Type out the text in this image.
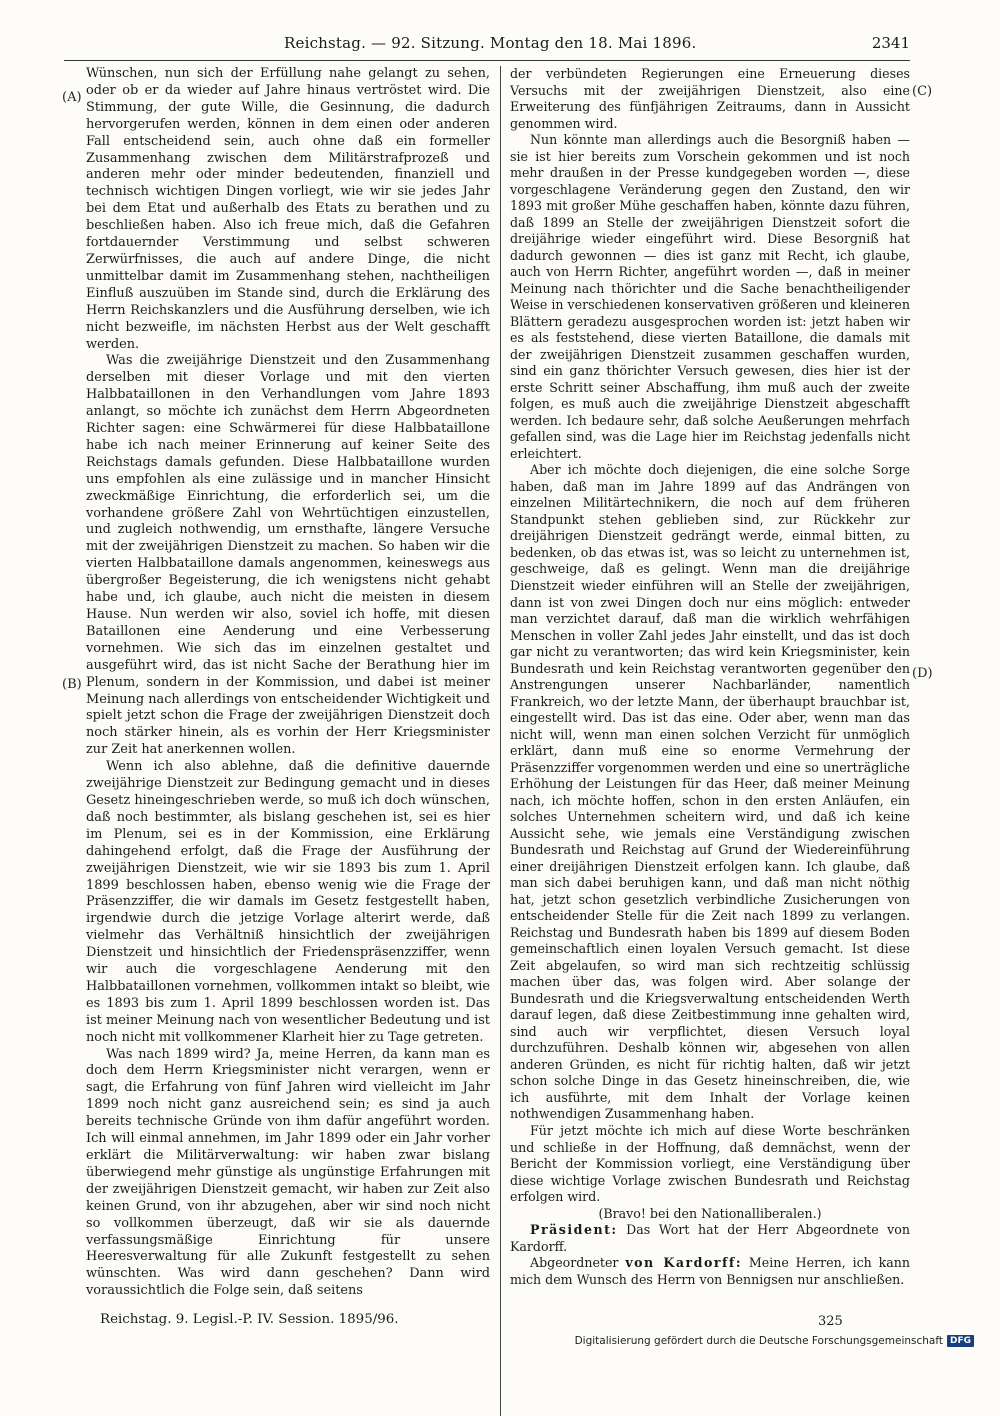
Reichstag. — 92. Sitzung. Montag den 18. Mai 1896.	2341
(A)
(B)
(C)
(D)

Wünschen, nun sich der Erfüllung nahe gelangt zu sehen, oder ob er da wieder auf Jahre hinaus vertröstet wird. Die Stimmung, der gute Wille, die Gesinnung, die dadurch hervorgerufen werden, können in dem einen oder anderen Fall entscheidend sein, auch ohne daß ein formeller Zusammenhang zwischen dem Militärstrafprozeß und anderen mehr oder minder bedeutenden, finanziell und technisch wichtigen Dingen vorliegt, wie wir sie jedes Jahr bei dem Etat und außerhalb des Etats zu berathen und zu beschließen haben. Also ich freue mich, daß die Gefahren fortdauernder Verstimmung und selbst schweren Zerwürfnisses, die auch auf andere Dinge, die nicht unmittelbar damit im Zusammenhang stehen, nachtheiligen Einfluß auszuüben im Stande sind, durch die Erklärung des Herrn Reichskanzlers und die Ausführung derselben, wie ich nicht bezweifle, im nächsten Herbst aus der Welt geschafft werden.

Was die zweijährige Dienstzeit und den Zusammenhang derselben mit dieser Vorlage und mit den vierten Halbbataillonen in den Verhandlungen vom Jahre 1893 anlangt, so möchte ich zunächst dem Herrn Abgeordneten Richter sagen: eine Schwärmerei für diese Halbbataillone habe ich nach meiner Erinnerung auf keiner Seite des Reichstags damals gefunden. Diese Halbbataillone wurden uns empfohlen als eine zulässige und in mancher Hinsicht zweckmäßige Einrichtung, die erforderlich sei, um die vorhandene größere Zahl von Wehrtüchtigen einzustellen, und zugleich nothwendig, um ernsthafte, längere Versuche mit der zweijährigen Dienstzeit zu machen. So haben wir die vierten Halbbataillone damals angenommen, keineswegs aus übergroßer Begeisterung, die ich wenigstens nicht gehabt habe und, ich glaube, auch nicht die meisten in diesem Hause. Nun werden wir also, soviel ich hoffe, mit diesen Bataillonen eine Aenderung und eine Verbesserung vornehmen. Wie sich das im einzelnen gestaltet und ausgeführt wird, das ist nicht Sache der Berathung hier im Plenum, sondern in der Kommission, und dabei ist meiner Meinung nach allerdings von entscheidender Wichtigkeit und spielt jetzt schon die Frage der zweijährigen Dienstzeit doch noch stärker hinein, als es vorhin der Herr Kriegsminister zur Zeit hat anerkennen wollen.

Wenn ich also ablehne, daß die definitive dauernde zweijährige Dienstzeit zur Bedingung gemacht und in dieses Gesetz hineingeschrieben werde, so muß ich doch wünschen, daß noch bestimmter, als bislang geschehen ist, sei es hier im Plenum, sei es in der Kommission, eine Erklärung dahingehend erfolgt, daß die Frage der Ausführung der zweijährigen Dienstzeit, wie wir sie 1893 bis zum 1. April 1899 beschlossen haben, ebenso wenig wie die Frage der Präsenzziffer, die wir damals im Gesetz festgestellt haben, irgendwie durch die jetzige Vorlage alterirt werde, daß vielmehr das Verhältniß hinsichtlich der zweijährigen Dienstzeit und hinsichtlich der Friedenspräsenzziffer, wenn wir auch die vorgeschlagene Aenderung mit den Halbbataillonen vornehmen, vollkommen intakt so bleibt, wie es 1893 bis zum 1. April 1899 beschlossen worden ist. Das ist meiner Meinung nach von wesentlicher Bedeutung und ist noch nicht mit vollkommener Klarheit hier zu Tage getreten.

Was nach 1899 wird? Ja, meine Herren, da kann man es doch dem Herrn Kriegsminister nicht verargen, wenn er sagt, die Erfahrung von fünf Jahren wird vielleicht im Jahr 1899 noch nicht ganz ausreichend sein; es sind ja auch bereits technische Gründe von ihm dafür angeführt worden. Ich will einmal annehmen, im Jahr 1899 oder ein Jahr vorher erklärt die Militärverwaltung: wir haben zwar bislang überwiegend mehr günstige als ungünstige Erfahrungen mit der zweijährigen Dienstzeit gemacht, wir haben zur Zeit also keinen Grund, von ihr abzugehen, aber wir sind noch nicht so vollkommen überzeugt, daß wir sie als dauernde verfassungsmäßige Einrichtung für unsere Heeresverwaltung für alle Zukunft festgestellt zu sehen wünschten. Was wird dann geschehen? Dann wird voraussichtlich die Folge sein, daß seitens

der verbündeten Regierungen eine Erneuerung dieses Versuchs mit der zweijährigen Dienstzeit, also eine Erweiterung des fünfjährigen Zeitraums, dann in Aussicht genommen wird.

Nun könnte man allerdings auch die Besorgniß haben — sie ist hier bereits zum Vorschein gekommen und ist noch mehr draußen in der Presse kundgegeben worden —, diese vorgeschlagene Veränderung gegen den Zustand, den wir 1893 mit großer Mühe geschaffen haben, könnte dazu führen, daß 1899 an Stelle der zweijährigen Dienstzeit sofort die dreijährige wieder eingeführt wird. Diese Besorgniß hat dadurch gewonnen — dies ist ganz mit Recht, ich glaube, auch von Herrn Richter, angeführt worden —, daß in meiner Meinung nach thörichter und die Sache benachtheiligender Weise in verschiedenen konservativen größeren und kleineren Blättern geradezu ausgesprochen worden ist: jetzt haben wir es als feststehend, diese vierten Bataillone, die damals mit der zweijährigen Dienstzeit zusammen geschaffen wurden, sind ein ganz thörichter Versuch gewesen, dies hier ist der erste Schritt seiner Abschaffung, ihm muß auch der zweite folgen, es muß auch die zweijährige Dienstzeit abgeschafft werden. Ich bedaure sehr, daß solche Aeußerungen mehrfach gefallen sind, was die Lage hier im Reichstag jedenfalls nicht erleichtert.

Aber ich möchte doch diejenigen, die eine solche Sorge haben, daß man im Jahre 1899 auf das Andrängen von einzelnen Militärtechnikern, die noch auf dem früheren Standpunkt stehen geblieben sind, zur Rückkehr zur dreijährigen Dienstzeit gedrängt werde, einmal bitten, zu bedenken, ob das etwas ist, was so leicht zu unternehmen ist, geschweige, daß es gelingt. Wenn man die dreijährige Dienstzeit wieder einführen will an Stelle der zweijährigen, dann ist von zwei Dingen doch nur eins möglich: entweder man verzichtet darauf, daß man die wirklich wehrfähigen Menschen in voller Zahl jedes Jahr einstellt, und das ist doch gar nicht zu verantworten; das wird kein Kriegsminister, kein Bundesrath und kein Reichstag verantworten gegenüber den Anstrengungen unserer Nachbarländer, namentlich Frankreich, wo der letzte Mann, der überhaupt brauchbar ist, eingestellt wird. Das ist das eine. Oder aber, wenn man das nicht will, wenn man einen solchen Verzicht für unmöglich erklärt, dann muß eine so enorme Vermehrung der Präsenzziffer vorgenommen werden und eine so unerträgliche Erhöhung der Leistungen für das Heer, daß meiner Meinung nach, ich möchte hoffen, schon in den ersten Anläufen, ein solches Unternehmen scheitern wird, und daß ich keine Aussicht sehe, wie jemals eine Verständigung zwischen Bundesrath und Reichstag auf Grund der Wiedereinführung einer dreijährigen Dienstzeit erfolgen kann. Ich glaube, daß man sich dabei beruhigen kann, und daß man nicht nöthig hat, jetzt schon gesetzlich verbindliche Zusicherungen von entscheidender Stelle für die Zeit nach 1899 zu verlangen. Reichstag und Bundesrath haben bis 1899 auf diesem Boden gemeinschaftlich einen loyalen Versuch gemacht. Ist diese Zeit abgelaufen, so wird man sich rechtzeitig schlüssig machen über das, was folgen wird. Aber solange der Bundesrath und die Kriegsverwaltung entscheidenden Werth darauf legen, daß diese Zeitbestimmung inne gehalten wird, sind auch wir verpflichtet, diesen Versuch loyal durchzuführen. Deshalb können wir, abgesehen von allen anderen Gründen, es nicht für richtig halten, daß wir jetzt schon solche Dinge in das Gesetz hineinschreiben, die, wie ich ausführte, mit dem Inhalt der Vorlage keinen nothwendigen Zusammenhang haben.

Für jetzt möchte ich mich auf diese Worte beschränken und schließe in der Hoffnung, daß demnächst, wenn der Bericht der Kommission vorliegt, eine Verständigung über diese wichtige Vorlage zwischen Bundesrath und Reichstag erfolgen wird.

(Bravo! bei den Nationalliberalen.)

Präsident: Das Wort hat der Herr Abgeordnete von Kardorff.

Abgeordneter von Kardorff: Meine Herren, ich kann mich dem Wunsch des Herrn von Bennigsen nur anschließen.

Reichstag. 9. Legisl.-P. IV. Session. 1895/96.	325
Digitalisierung gefördert durch die Deutsche Forschungsgemeinschaft DFG
